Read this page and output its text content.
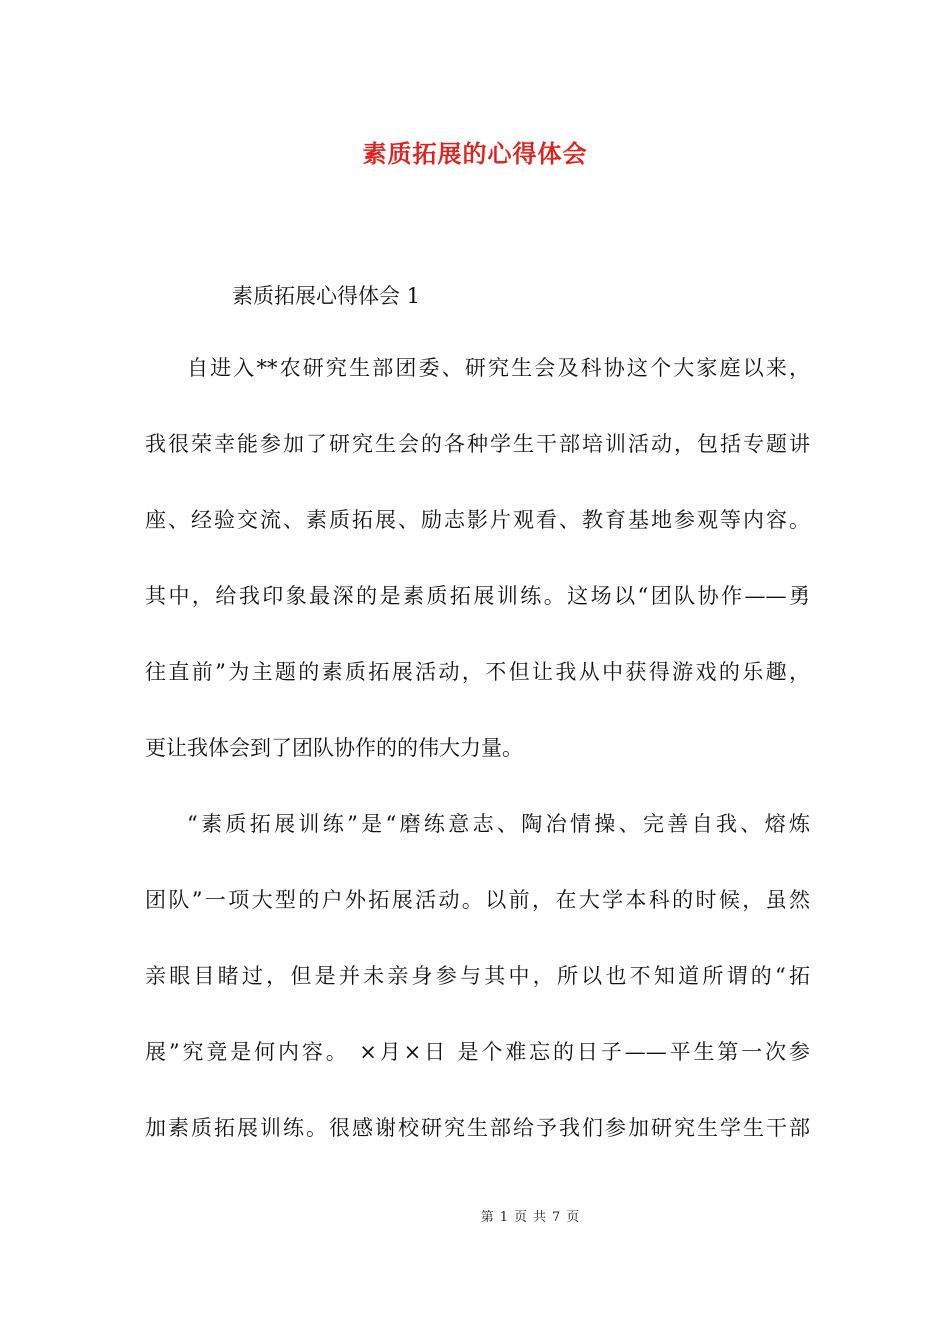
素质拓展的心得体会
素质拓展心得体会 1
自进入**农研究生部团委、研究生会及科协这个大家庭以来，
我很荣幸能参加了研究生会的各种学生干部培训活动，包括专题讲
座、经验交流、素质拓展、励志影片观看、教育基地参观等内容。
其中，给我印象最深的是素质拓展训练。这场以“团队协作——勇
往直前”为主题的素质拓展活动，不但让我从中获得游戏的乐趣，
更让我体会到了团队协作的的伟大力量。
“素质拓展训练”是“磨练意志、陶冶情操、完善自我、熔炼
团队”一项大型的户外拓展活动。以前，在大学本科的时候，虽然
亲眼目睹过，但是并未亲身参与其中，所以也不知道所谓的“拓
展”究竟是何内容。 ×月×日 是个难忘的日子——平生第一次参
加素质拓展训练。很感谢校研究生部给予我们参加研究生学生干部
第 1 页 共 7 页
